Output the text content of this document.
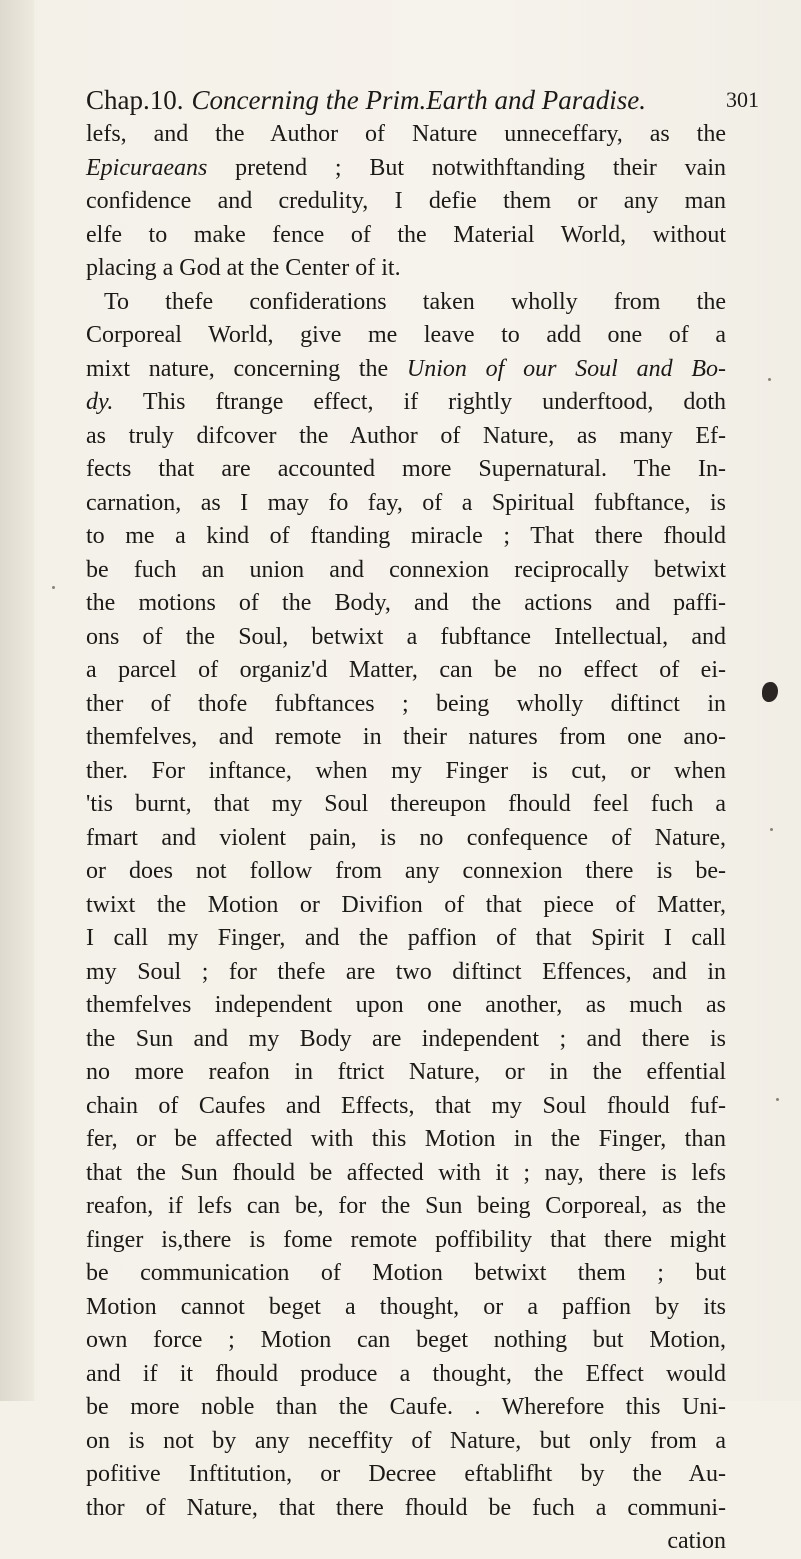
Chap.10. Concerning the Prim.Earth and Paradise.	301
lefs, and the Author of Nature unneceffary, as the
Epicuraeans pretend ; But notwithftanding their vain
confidence and credulity, I defie them or any man
elfe to make fence of the Material World, without
placing a God at the Center of it.
To thefe confiderations taken wholly from the
Corporeal World, give me leave to add one of a
mixt nature, concerning the Union of our Soul and Bo-
dy. This ftrange effect, if rightly underftood, doth
as truly difcover the Author of Nature, as many Ef-
fects that are accounted more Supernatural. The In-
carnation, as I may fo fay, of a Spiritual fubftance, is
to me a kind of ftanding miracle ; That there fhould
be fuch an union and connexion reciprocally betwixt
the motions of the Body, and the actions and paffi-
ons of the Soul, betwixt a fubftance Intellectual, and
a parcel of organiz'd Matter, can be no effect of ei-
ther of thofe fubftances ; being wholly diftinct in
themfelves, and remote in their natures from one ano-
ther. For inftance, when my Finger is cut, or when
'tis burnt, that my Soul thereupon fhould feel fuch a
fmart and violent pain, is no confequence of Nature,
or does not follow from any connexion there is be-
twixt the Motion or Divifion of that piece of Matter,
I call my Finger, and the paffion of that Spirit I call
my Soul ; for thefe are two diftinct Effences, and in
themfelves independent upon one another, as much as
the Sun and my Body are independent ; and there is
no more reafon in ftrict Nature, or in the effential
chain of Caufes and Effects, that my Soul fhould fuf-
fer, or be affected with this Motion in the Finger, than
that the Sun fhould be affected with it ; nay, there is lefs
reafon, if lefs can be, for the Sun being Corporeal, as the
finger is,there is fome remote poffibility that there might
be communication of Motion betwixt them ; but
Motion cannot beget a thought, or a paffion by its
own force ; Motion can beget nothing but Motion,
and if it fhould produce a thought, the Effect would
be more noble than the Caufe. . Wherefore this Uni-
on is not by any neceffity of Nature, but only from a
pofitive Inftitution, or Decree eftablifht by the Au-
thor of Nature, that there fhould be fuch a communi-
cation
